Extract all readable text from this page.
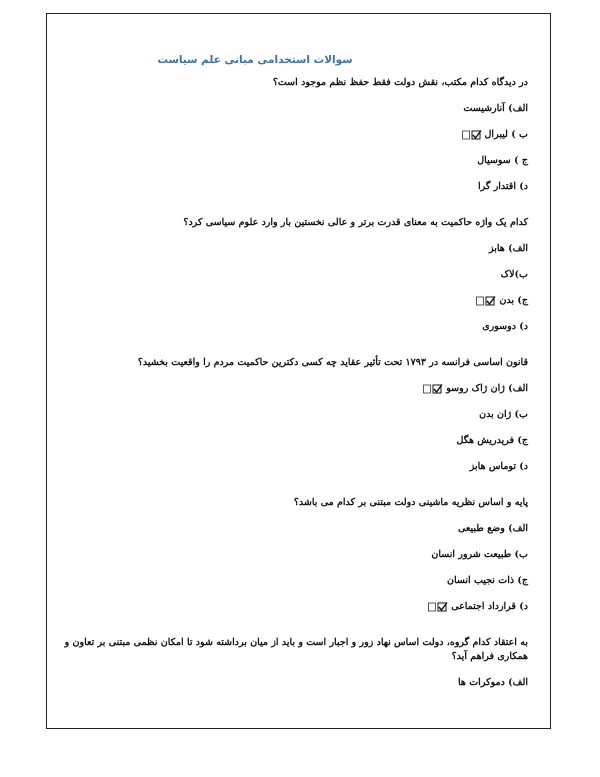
سوالات استخدامی مبانی علم سیاست
در دیدگاه کدام مکتب، نقش دولت فقط حفظ نظم موجود است؟
الف) آنارشیست
ب ) لیبرال
ج ) سوسیال
د) اقتدار گرا
کدام یک واژه حاکمیت به معنای قدرت برتر و عالی نخستین بار وارد علوم سیاسی کرد؟
الف) هابز
ب)لاک
ج) بدن
د) دوسوری
قانون اساسی فرانسه در ۱۷۹۳ تحت تأثیر عقاید چه کسی دکترین حاکمیت مردم را واقعیت بخشید؟
الف) ژان ژاک روسو
ب) ژان بدن
ج) فریدریش هگل
د) توماس هابز
پایه و اساس نظریه ماشینی دولت مبتنی بر کدام می باشد؟
الف) وضع طبیعی
ب) طبیعت شرور انسان
ج) ذات نجیب انسان
د) قرارداد اجتماعی
به اعتقاد کدام گروه، دولت اساس نهاد زور و اجبار است و باید از میان برداشته شود تا امکان نظمی مبتنی بر تعاون و همکاری فراهم آید؟
الف) دموکرات ها
